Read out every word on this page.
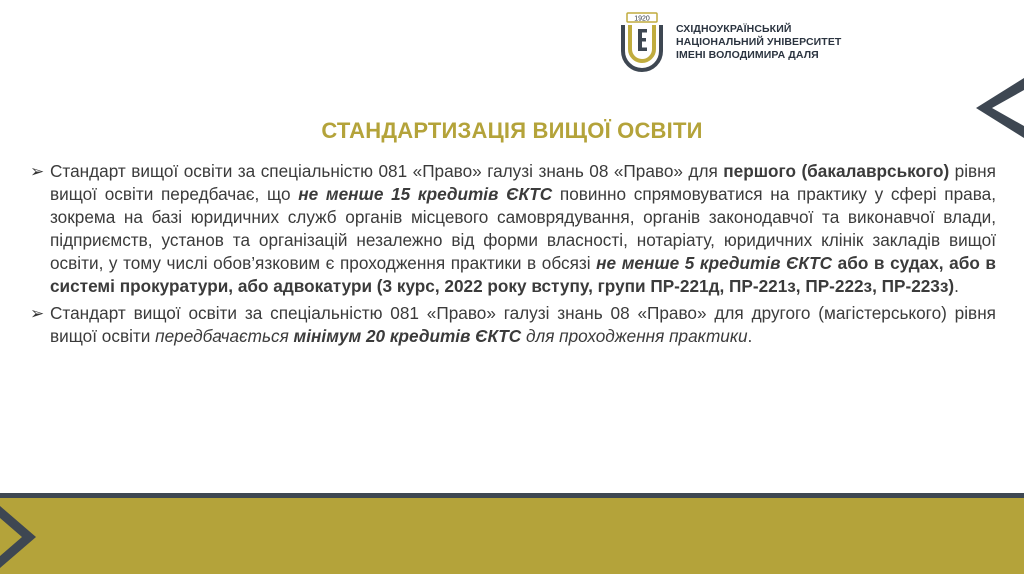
1920
СХІДНОУКРАЇНСЬКИЙ
НАЦІОНАЛЬНИЙ УНІВЕРСИТЕТ
ІМЕНІ ВОЛОДИМИРА ДАЛЯ
СТАНДАРТИЗАЦІЯ ВИЩОЇ ОСВІТИ

➢ Стандарт вищої освіти за спеціальністю 081 «Право» галузі знань 08 «Право» для першого (бакалаврського) рівня вищої освіти передбачає, що не менше 15 кредитів ЄКТС повинно спрямовуватися на практику у сфері права, зокрема на базі юридичних служб органів місцевого самоврядування, органів законодавчої та виконавчої влади, підприємств, установ та організацій незалежно від форми власності, нотаріату, юридичних клінік закладів вищої освіти, у тому числі обов’язковим є проходження практики в обсязі не менше 5 кредитів ЄКТС або в судах, або в системі прокуратури, або адвокатури (3 курс, 2022 року вступу, групи ПР-221д, ПР-221з, ПР-222з, ПР-223з).

➢ Стандарт вищої освіти за спеціальністю 081 «Право» галузі знань 08 «Право» для другого (магістерського) рівня вищої освіти передбачається мінімум 20 кредитів ЄКТС для проходження практики.
